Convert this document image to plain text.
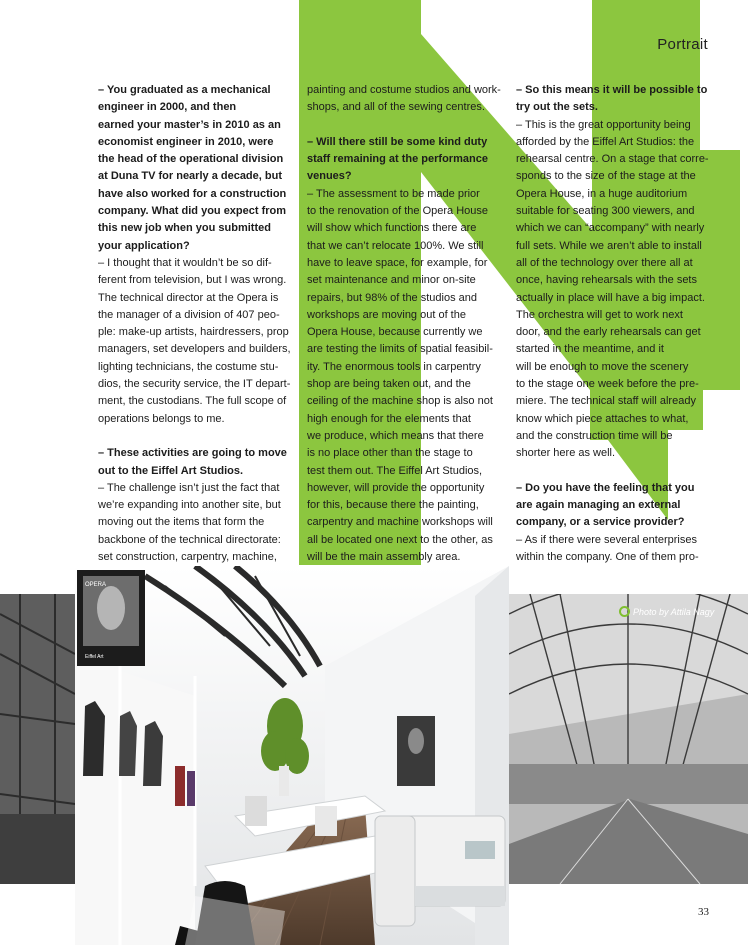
Portrait

– You graduated as a mechanical
engineer in 2000, and then
earned your master’s in 2010 as an
economist engineer in 2010, were
the head of the operational division
at Duna TV for nearly a decade, but
have also worked for a construction
company. What did you expect from
this new job when you submitted
your application?

– I thought that it wouldn’t be so dif-
ferent from television, but I was wrong.
The technical director at the Opera is
the manager of a division of 407 peo-
ple: make-up artists, hairdressers, prop
managers, set developers and builders,
lighting technicians, the costume stu-
dios, the security service, the IT depart-
ment, the custodians. The full scope of
operations belongs to me.

– These activities are going to move
out to the Eiffel Art Studios.

– The challenge isn’t just the fact that
we’re expanding into another site, but
moving out the items that form the
backbone of the technical directorate:
set construction, carpentry, machine,

painting and costume studios and work-
shops, and all of the sewing centres.

– Will there still be some kind duty
staff remaining at the performance
venues?

– The assessment to be made prior
to the renovation of the Opera House
will show which functions there are
that we can’t relocate 100%. We still
have to leave space, for example, for
set maintenance and minor on-site
repairs, but 98% of the studios and
workshops are moving out of the
Opera House, because currently we
are testing the limits of spatial feasibil-
ity. The enormous tools in carpentry
shop are being taken out, and the
ceiling of the machine shop is also not
high enough for the elements that
we produce, which means that there
is no place other than the stage to
test them out. The Eiffel Art Studios,
however, will provide the opportunity
for this, because there the painting,
carpentry and machine workshops will
all be located one next to the other, as
will be the main assembly area.

– So this means it will be possible to
try out the sets.

– This is the great opportunity being
afforded by the Eiffel Art Studios: the
rehearsal centre. On a stage that corre-
sponds to the size of the stage at the
Opera House, in a huge auditorium
suitable for seating 300 viewers, and
which we can “accompany” with nearly
full sets. While we aren’t able to install
all of the technology over there all at
once, having rehearsals with the sets
actually in place will have a big impact.
The orchestra will get to work next
door, and the early rehearsals can get
started in the meantime, and it
will be enough to move the scenery
to the stage one week before the pre-
miere. The technical staff will already
know which piece attaches to what,
and the construction time will be
shorter here as well.

– Do you have the feeling that you
are again managing an external
company, or a service provider?

– As if there were several enterprises
within the company. One of them pro-

Photo by Attila Nagy
OPERA
Eiffel Art
33
